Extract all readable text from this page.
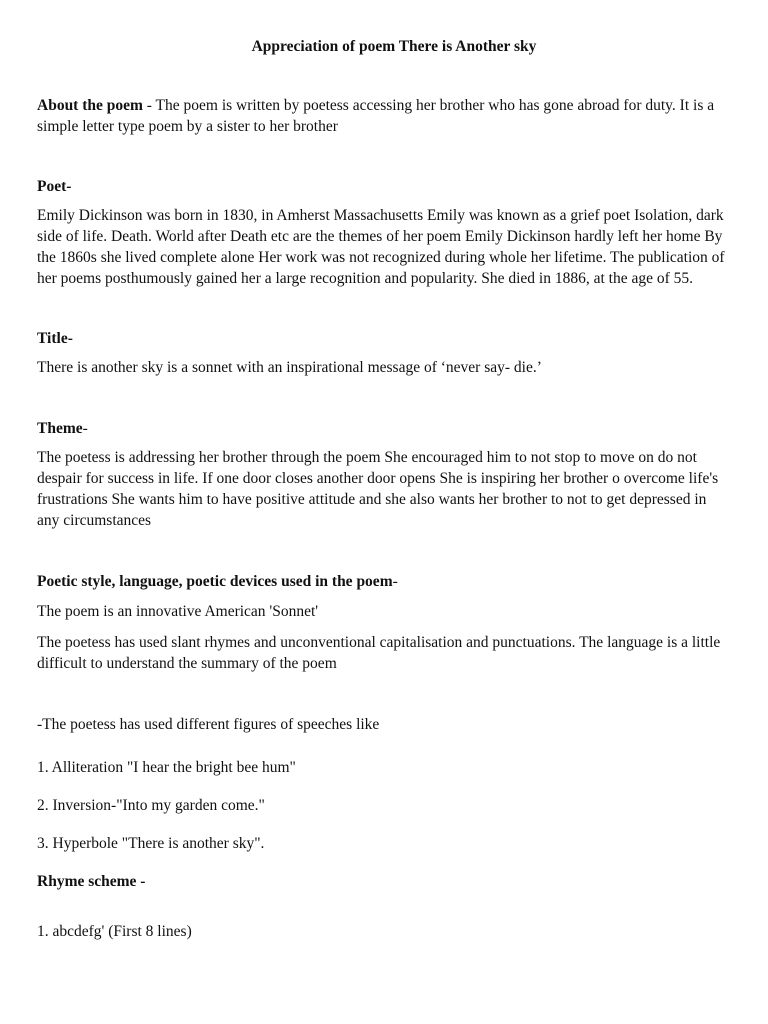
Appreciation of poem There is Another sky

About the poem - The poem is written by poetess accessing her brother who has gone abroad for duty. It is a simple letter type poem by a sister to her brother

Poet-

Emily Dickinson was born in 1830, in Amherst Massachusetts Emily was known as a grief poet Isolation, dark side of life. Death. World after Death etc are the themes of her poem Emily Dickinson hardly left her home By the 1860s she lived complete alone Her work was not recognized during whole her lifetime. The publication of her poems posthumously gained her a large recognition and popularity. She died in 1886, at the age of 55.

Title-

There is another sky is a sonnet with an inspirational message of ‘never say- die.’

Theme-

The poetess is addressing her brother through the poem She encouraged him to not stop to move on do not despair for success in life. If one door closes another door opens She is inspiring her brother o overcome life's frustrations She wants him to have positive attitude and she also wants her brother to not to get depressed in any circumstances

Poetic style, language, poetic devices used in the poem-

The poem is an innovative American 'Sonnet'

The poetess has used slant rhymes and unconventional capitalisation and punctuations. The language is a little difficult to understand the summary of the poem

-The poetess has used different figures of speeches like

1. Alliteration "I hear the bright bee hum"

2. Inversion-"Into my garden come."

3. Hyperbole "There is another sky".

Rhyme scheme -

1. abcdefg' (First 8 lines)
